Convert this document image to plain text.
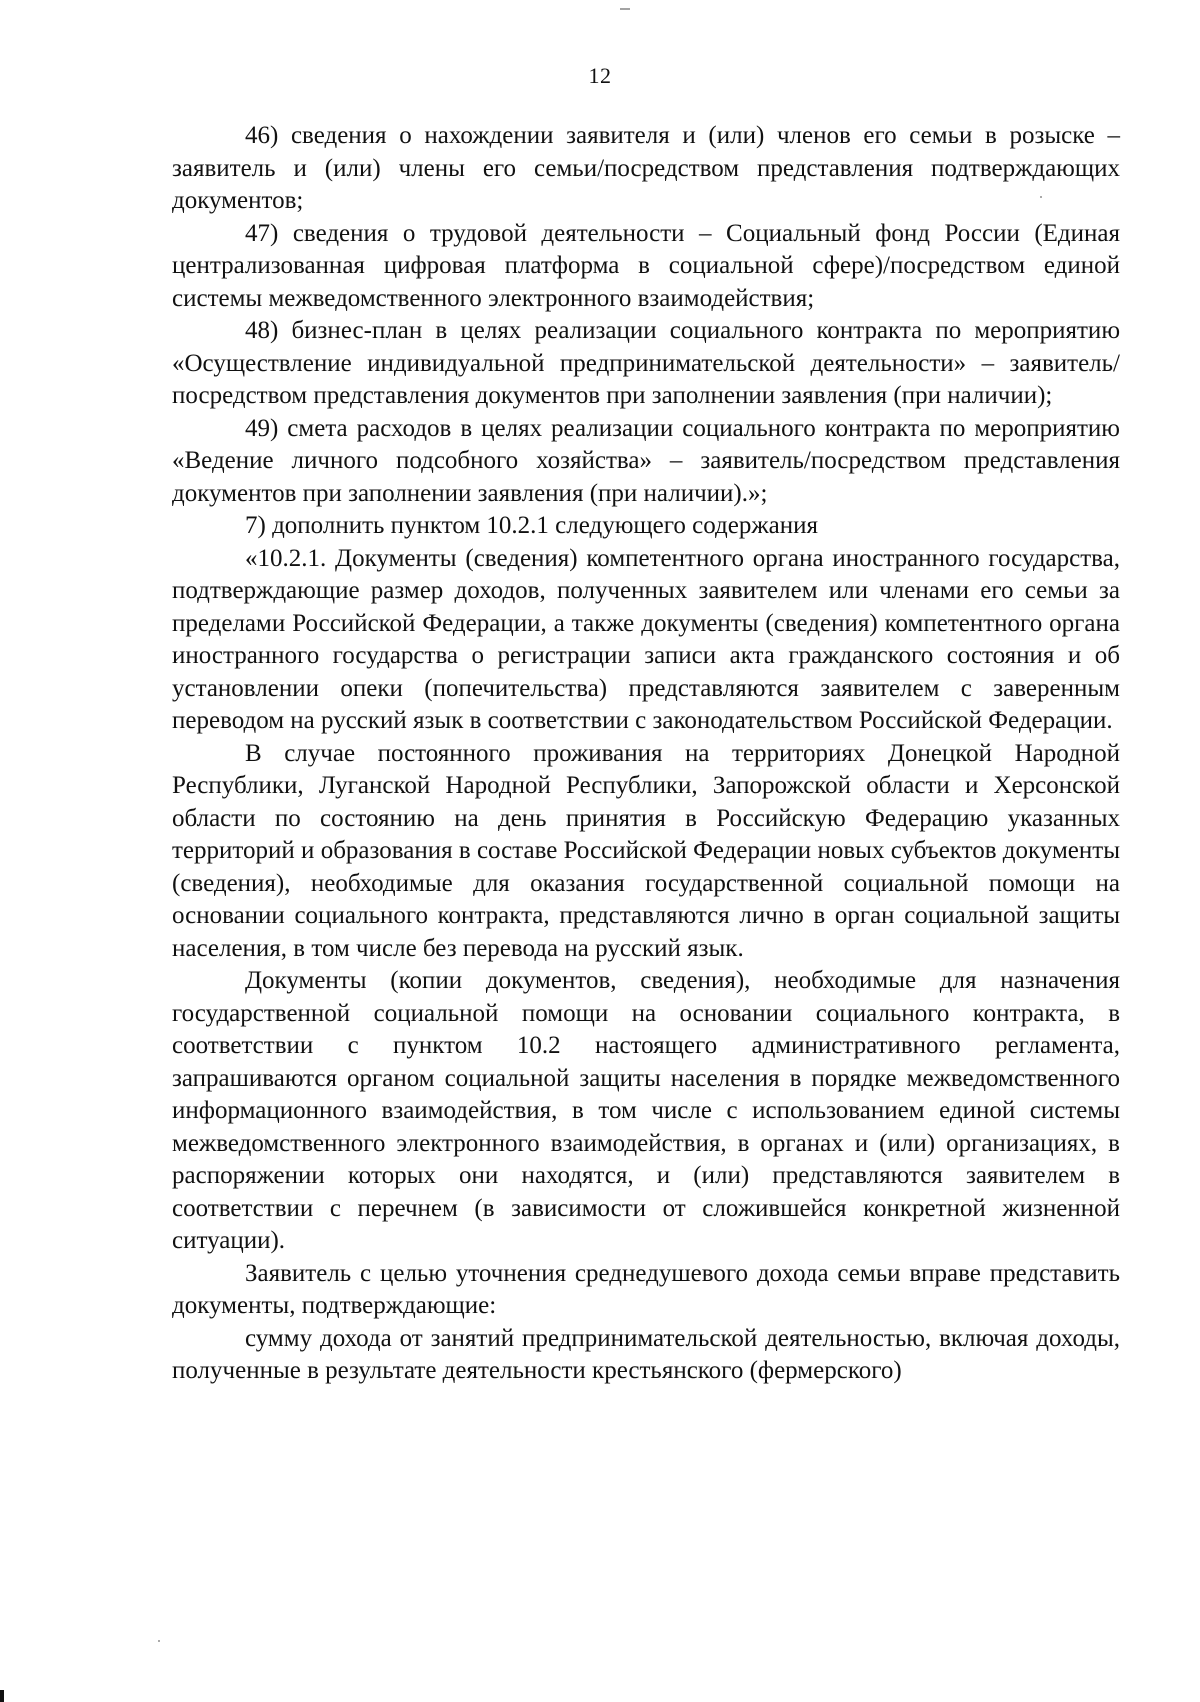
12

46) сведения о нахождении заявителя и (или) членов его семьи в розыске – заявитель и (или) члены его семьи/посредством представления подтверждающих документов;

47) сведения о трудовой деятельности – Социальный фонд России (Единая централизованная цифровая платформа в социальной сфере)/посредством единой системы межведомственного электронного взаимодействия;

48) бизнес-план в целях реализации социального контракта по мероприятию «Осуществление индивидуальной предпринимательской деятельности» – заявитель/посредством представления документов при заполнении заявления (при наличии);

49) смета расходов в целях реализации социального контракта по мероприятию «Ведение личного подсобного хозяйства» – заявитель/посредством представления документов при заполнении заявления (при наличии).»;

7) дополнить пунктом 10.2.1 следующего содержания

«10.2.1. Документы (сведения) компетентного органа иностранного государства, подтверждающие размер доходов, полученных заявителем или членами его семьи за пределами Российской Федерации, а также документы (сведения) компетентного органа иностранного государства о регистрации записи акта гражданского состояния и об установлении опеки (попечительства) представляются заявителем с заверенным переводом на русский язык в соответствии с законодательством Российской Федерации.

В случае постоянного проживания на территориях Донецкой Народной Республики, Луганской Народной Республики, Запорожской области и Херсонской области по состоянию на день принятия в Российскую Федерацию указанных территорий и образования в составе Российской Федерации новых субъектов документы (сведения), необходимые для оказания государственной социальной помощи на основании социального контракта, представляются лично в орган социальной защиты населения, в том числе без перевода на русский язык.

Документы (копии документов, сведения), необходимые для назначения государственной социальной помощи на основании социального контракта, в соответствии с пунктом 10.2 настоящего административного регламента, запрашиваются органом социальной защиты населения в порядке межведомственного информационного взаимодействия, в том числе с использованием единой системы межведомственного электронного взаимодействия, в органах и (или) организациях, в распоряжении которых они находятся, и (или) представляются заявителем в соответствии с перечнем (в зависимости от сложившейся конкретной жизненной ситуации).

Заявитель с целью уточнения среднедушевого дохода семьи вправе представить документы, подтверждающие:

сумму дохода от занятий предпринимательской деятельностью, включая доходы, полученные в результате деятельности крестьянского (фермерского)
